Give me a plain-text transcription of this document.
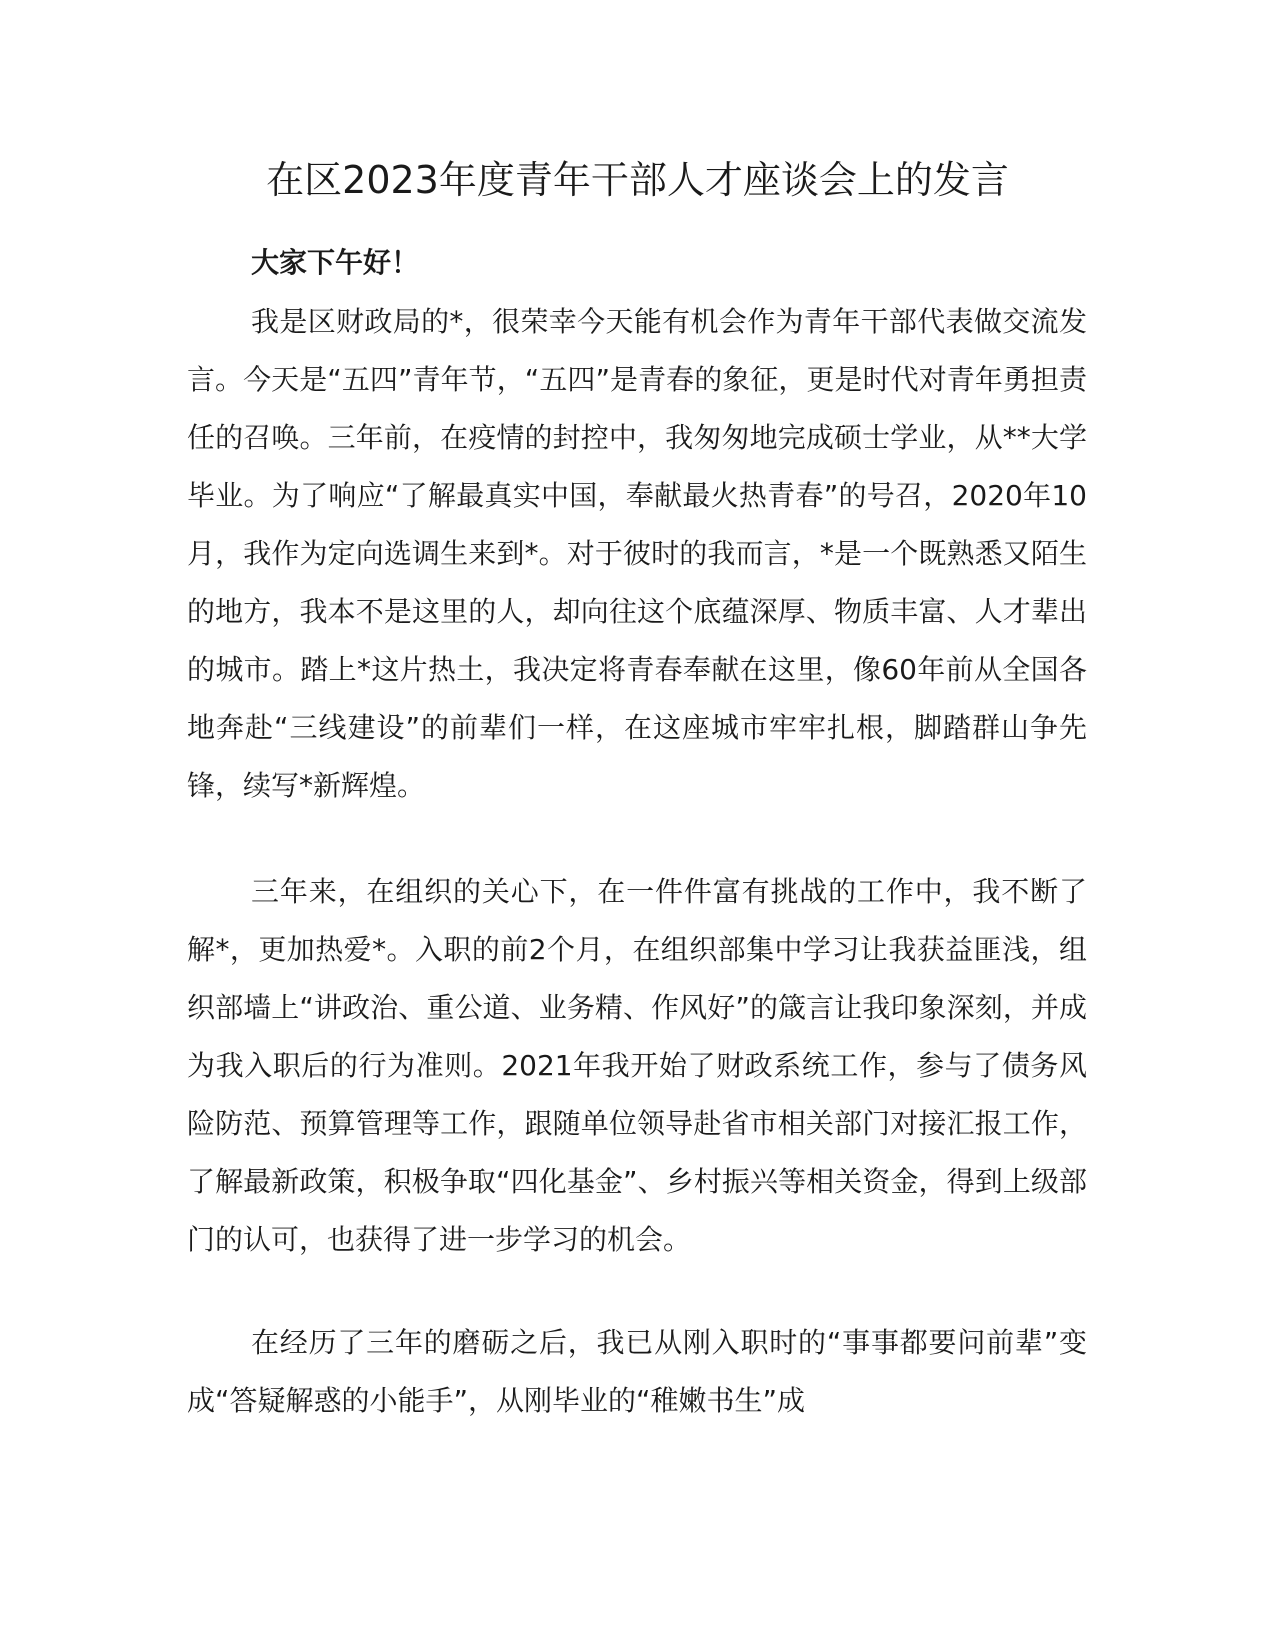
在区2023年度青年干部人才座谈会上的发言

大家下午好！

我是区财政局的*，很荣幸今天能有机会作为青年干部代表做交流发言。今天是“五四”青年节，“五四”是青春的象征，更是时代对青年勇担责任的召唤。三年前，在疫情的封控中，我匆匆地完成硕士学业，从**大学毕业。为了响应“了解最真实中国，奉献最火热青春”的号召，2020年10月，我作为定向选调生来到*。对于彼时的我而言，*是一个既熟悉又陌生的地方，我本不是这里的人，却向往这个底蕴深厚、物质丰富、人才辈出的城市。踏上*这片热土，我决定将青春奉献在这里，像60年前从全国各地奔赴“三线建设”的前辈们一样，在这座城市牢牢扎根，脚踏群山争先锋，续写*新辉煌。

三年来，在组织的关心下，在一件件富有挑战的工作中，我不断了解*，更加热爱*。入职的前2个月，在组织部集中学习让我获益匪浅，组织部墙上“讲政治、重公道、业务精、作风好”的箴言让我印象深刻，并成为我入职后的行为准则。2021年我开始了财政系统工作，参与了债务风险防范、预算管理等工作，跟随单位领导赴省市相关部门对接汇报工作，了解最新政策，积极争取“四化基金”、乡村振兴等相关资金，得到上级部门的认可，也获得了进一步学习的机会。

在经历了三年的磨砺之后，我已从刚入职时的“事事都要问前辈”变成“答疑解惑的小能手”，从刚毕业的“稚嫩书生”成
